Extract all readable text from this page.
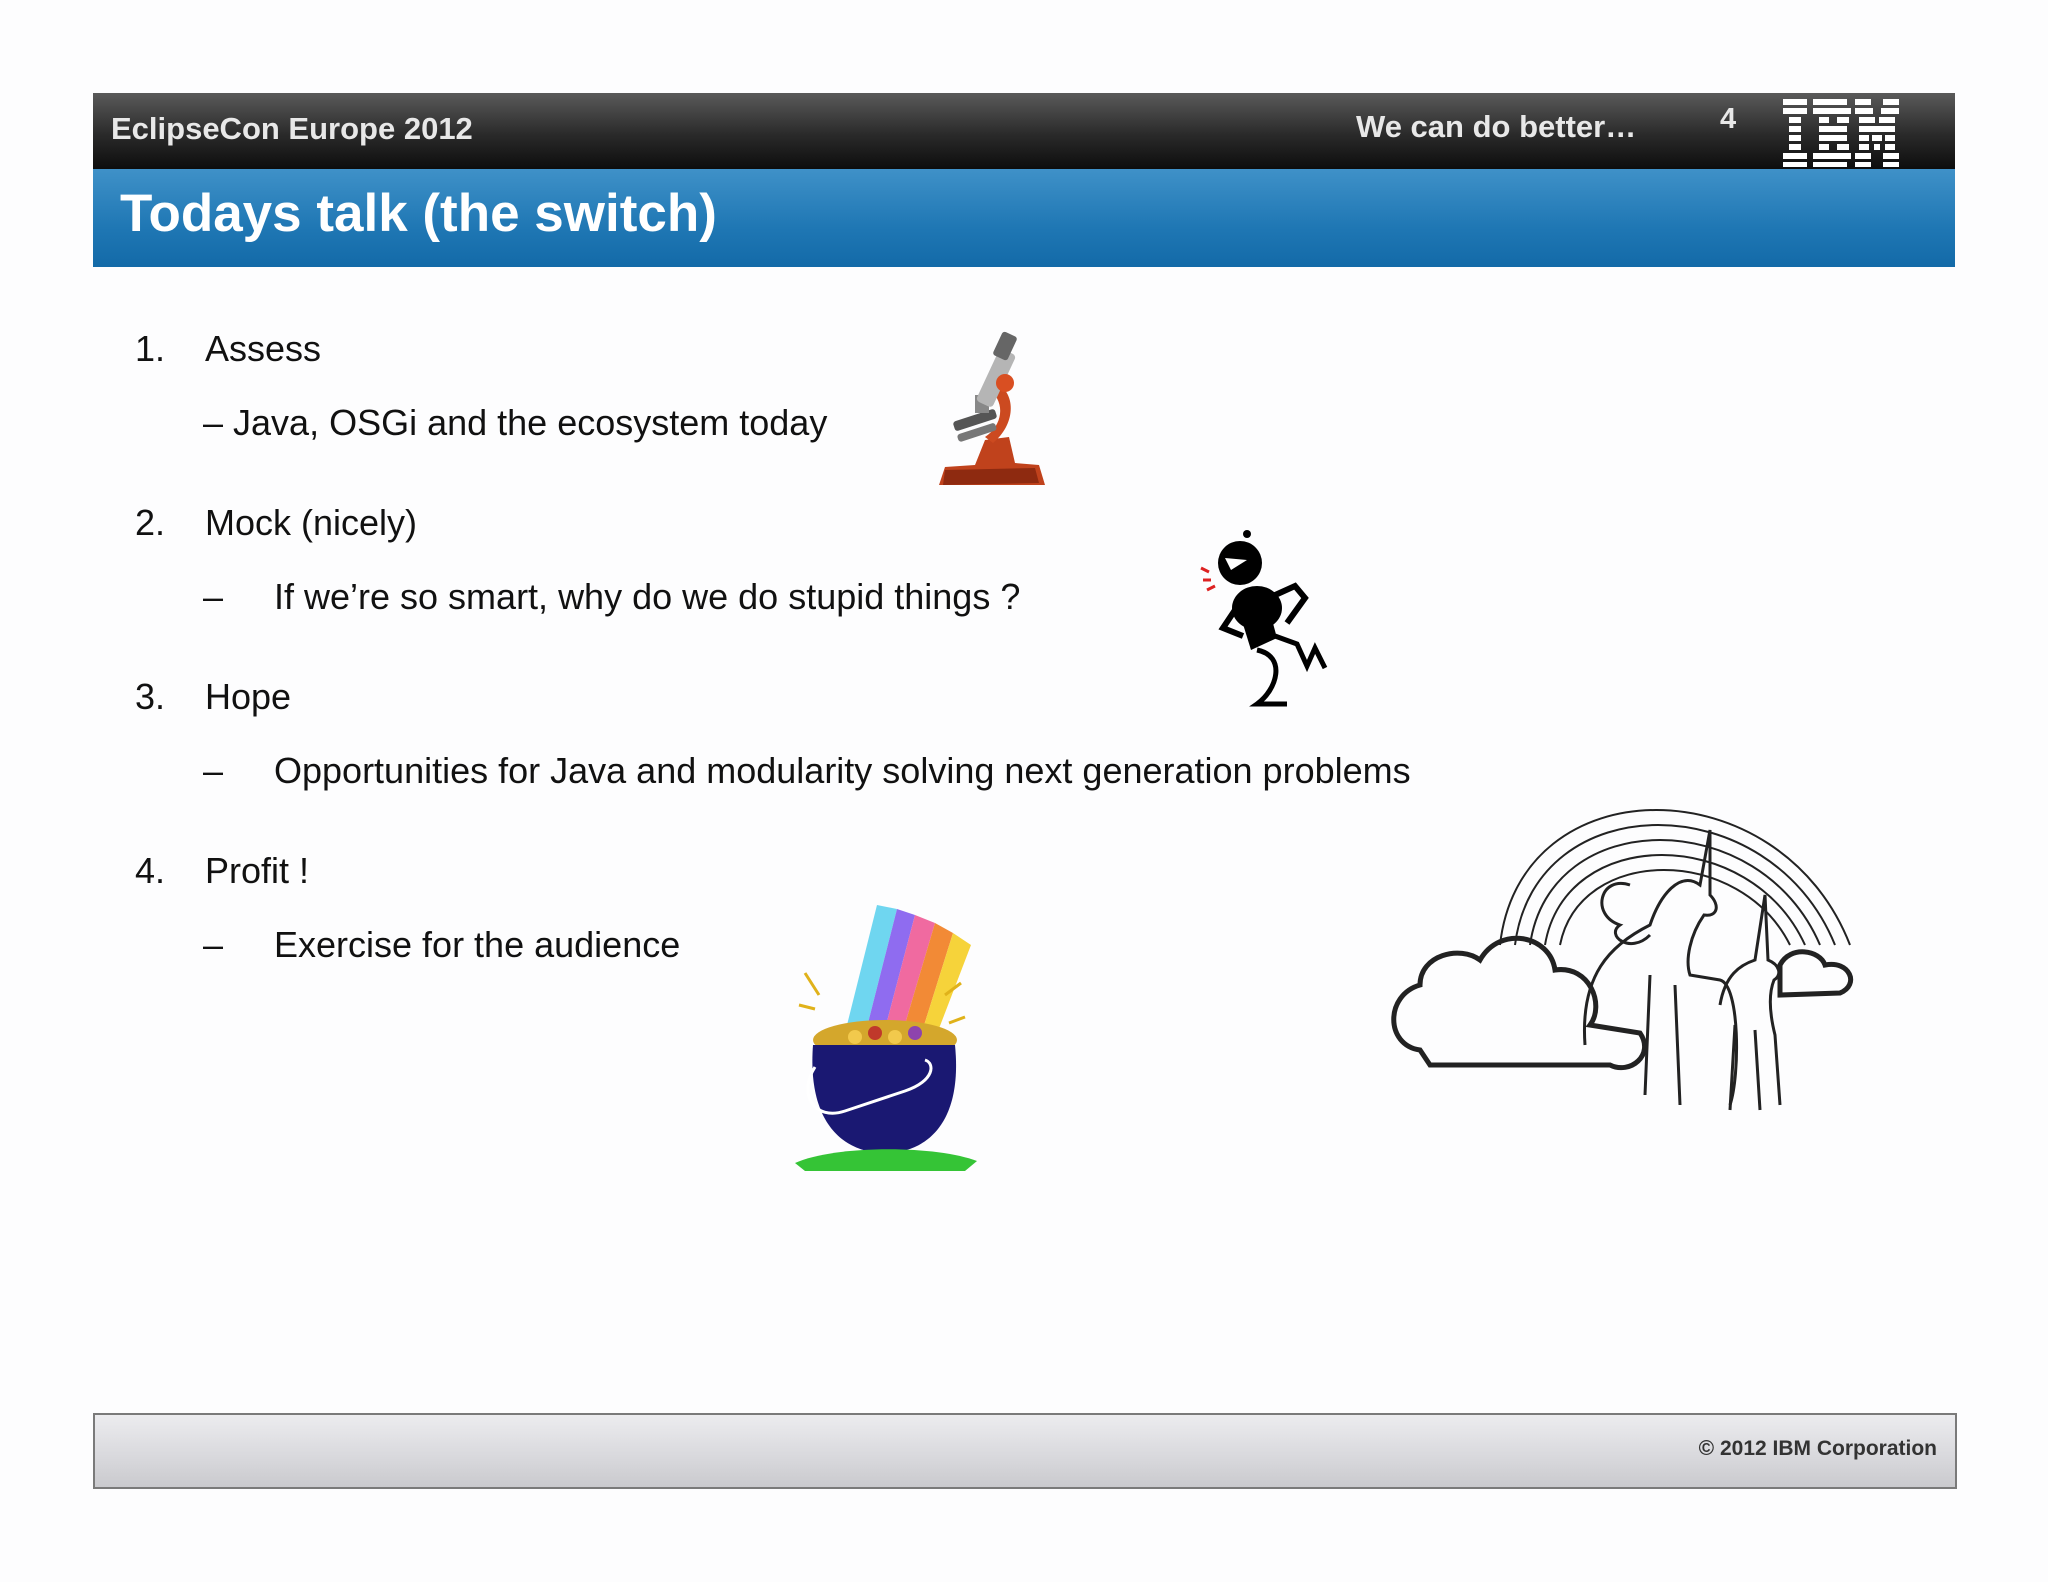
EclipseCon Europe 2012	We can do better…	4
Todays talk (the switch)
1. Assess
– Java, OSGi and the ecosystem today
2. Mock (nicely)
– If we’re so smart, why do we do stupid things ?
3. Hope
– Opportunities for Java and modularity solving next generation problems
4. Profit !
– Exercise for the audience
© 2012 IBM Corporation
